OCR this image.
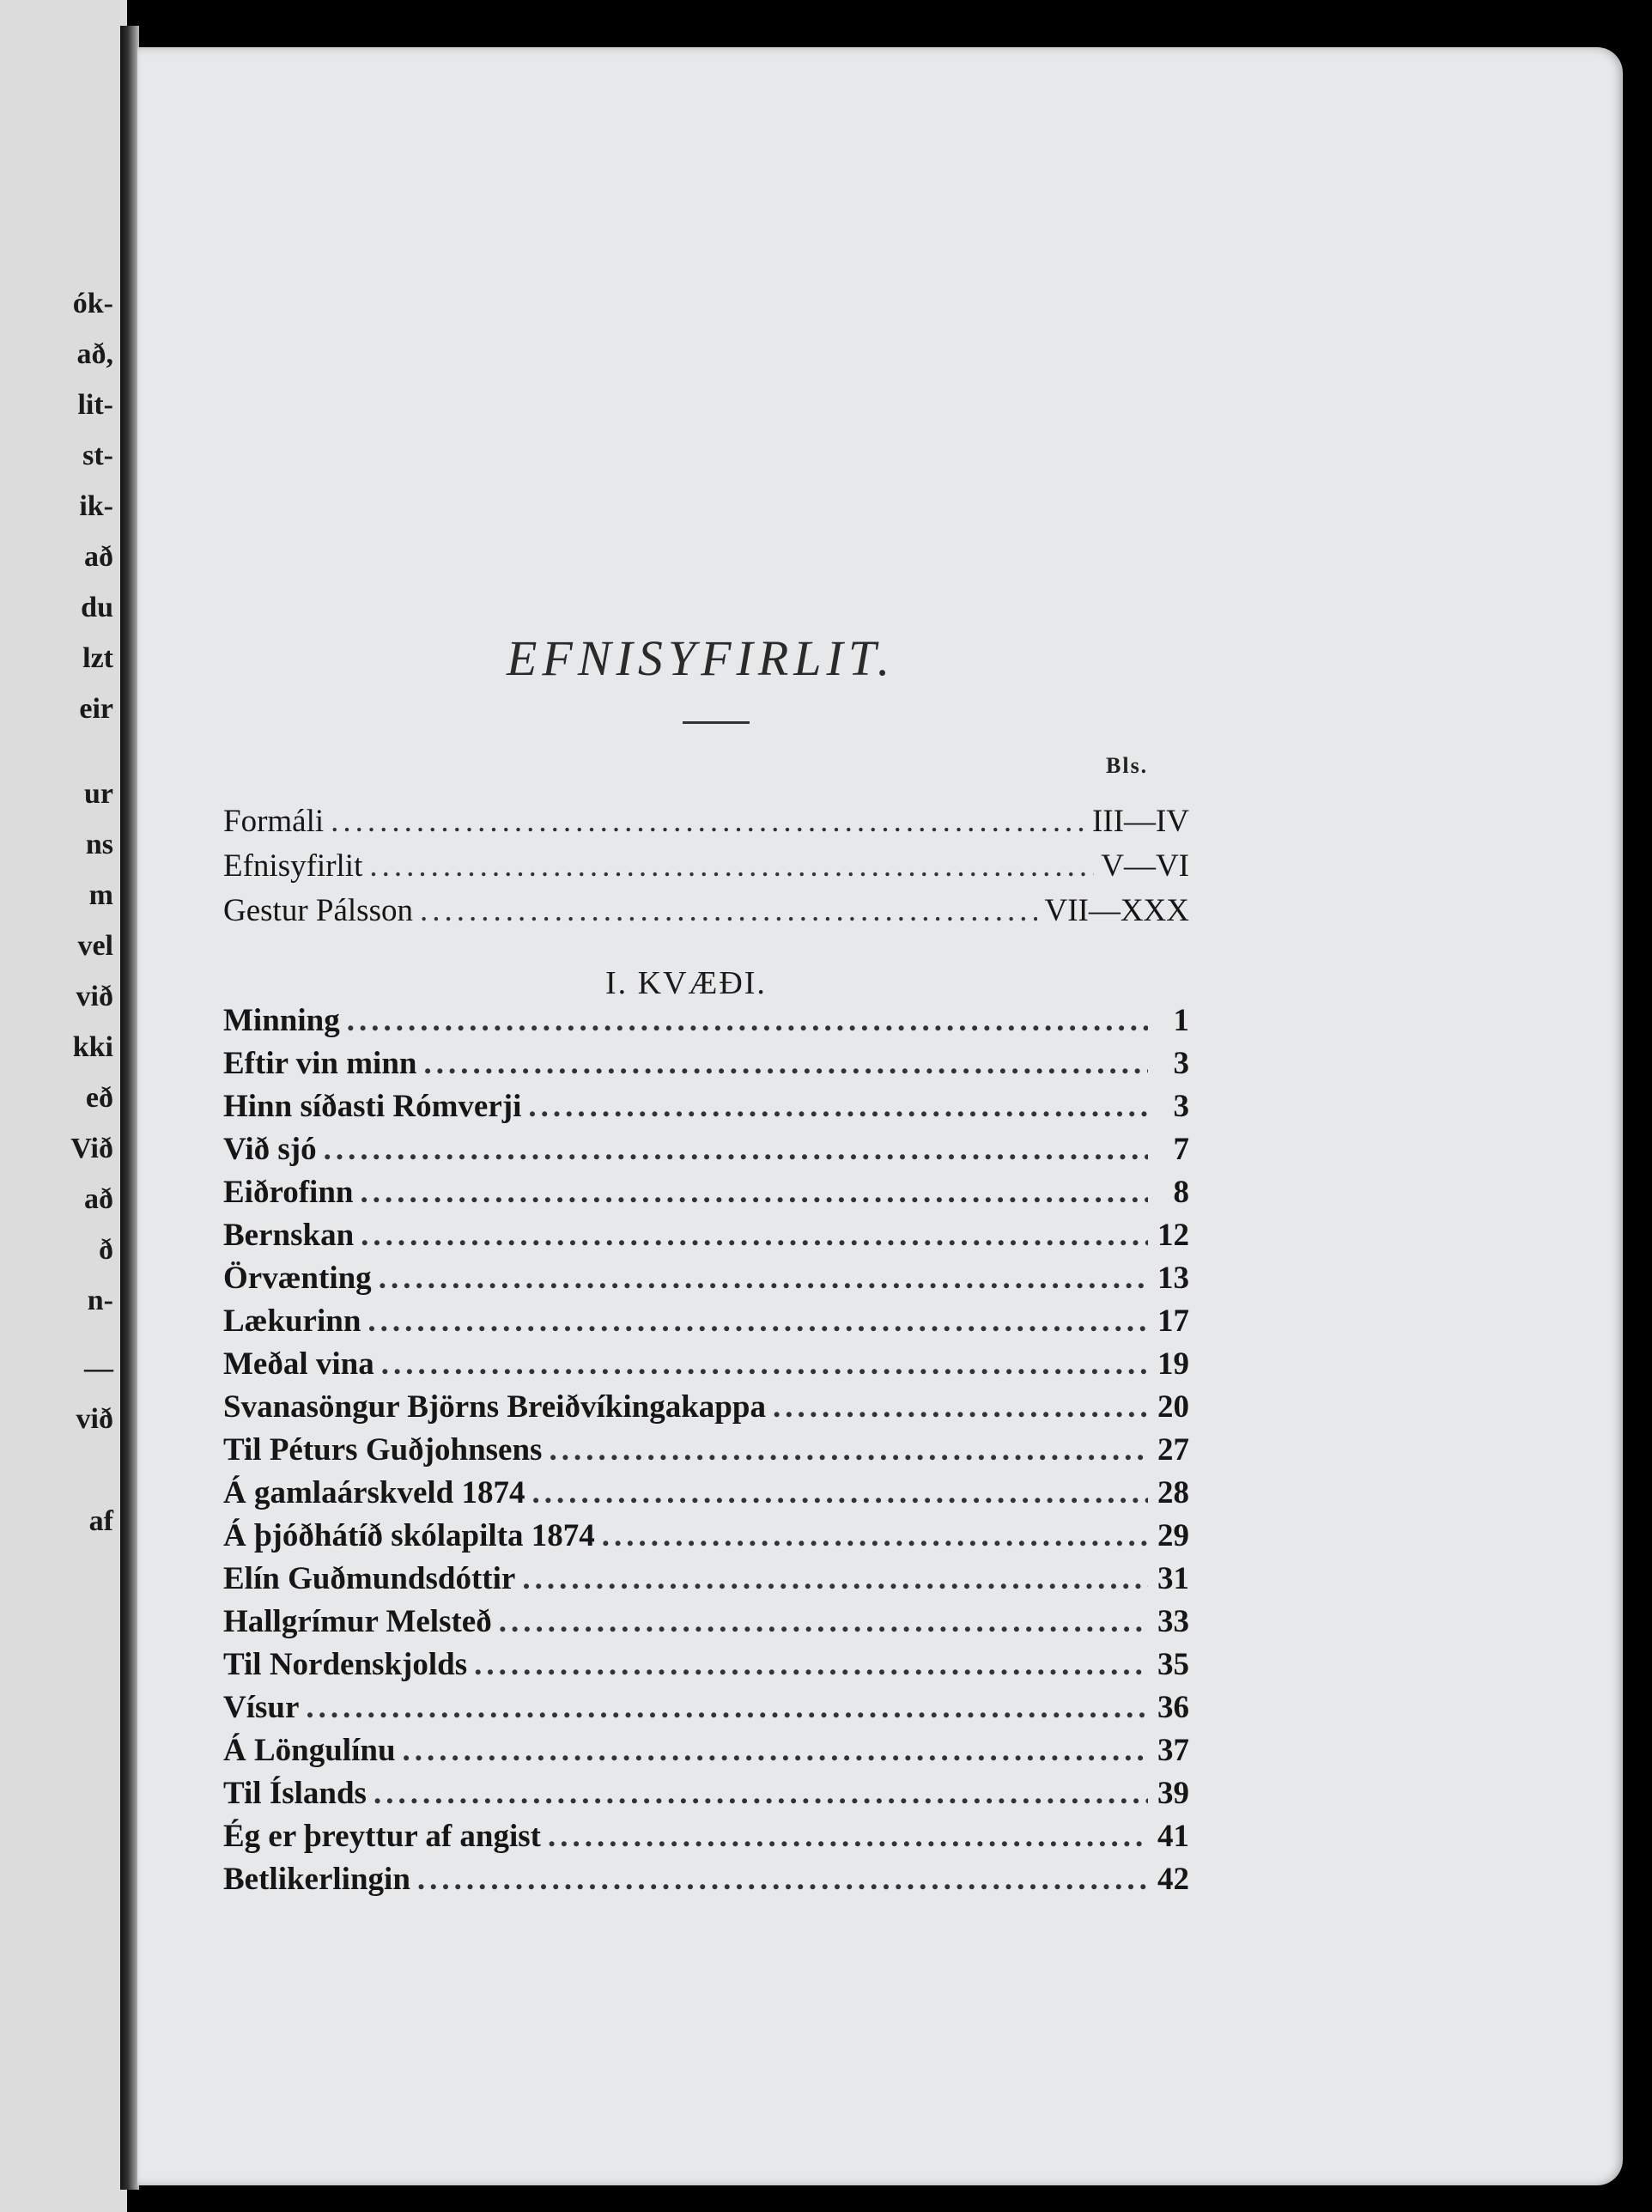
ók-
að,
lit-
st-
ik-
að
du
lzt
eir
ur
ns
m
vel
við
kki
eð
Við
að
ð
n-
—
við
af
EFNISYFIRLIT.
Bls.
Formáli .....	III—IV
Efnisyfirlit .....	V—VI
Gestur Pálsson .....	VII—XXX
I. KVÆÐI.
Minning .....	1
Eftir vin minn .....	3
Hinn síðasti Rómverji .....	3
Við sjó .....	7
Eiðrofinn .....	8
Bernskan .....	12
Örvænting .....	13
Lækurinn .....	17
Meðal vina .....	19
Svanasöngur Björns Breiðvíkingakappa .....	20
Til Péturs Guðjohnsens .....	27
Á gamlaárskveld 1874 .....	28
Á þjóðhátíð skólapilta 1874 .....	29
Elín Guðmundsdóttir .....	31
Hallgrímur Melsteð .....	33
Til Nordenskjolds .....	35
Vísur .....	36
Á Löngulínu .....	37
Til Íslands .....	39
Ég er þreyttur af angist .....	41
Betlikerlingin .....	42
